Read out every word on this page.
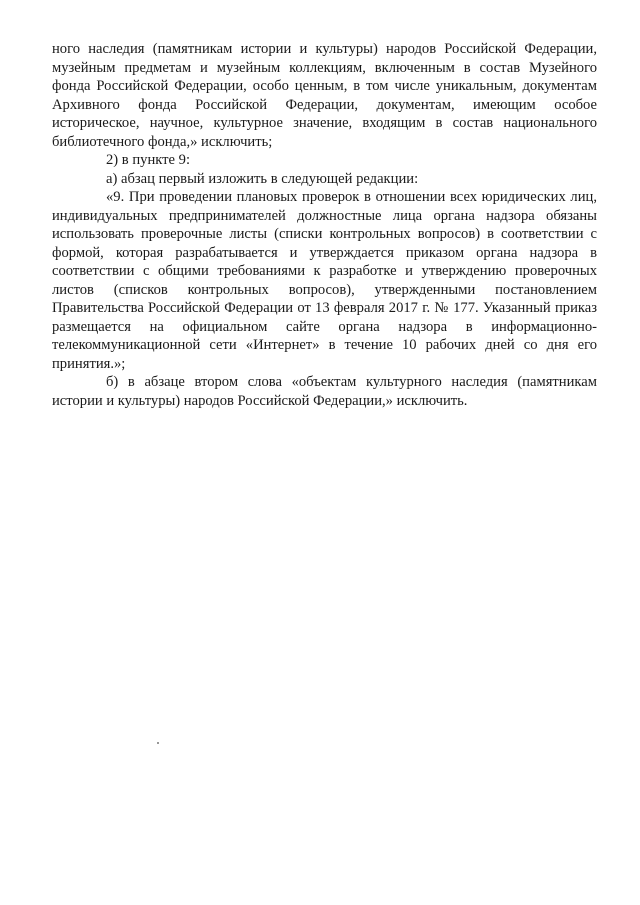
ного наследия (памятникам истории и культуры) народов Российской Федерации, музейным предметам и музейным коллекциям, включенным в состав Музейного фонда Российской Федерации, особо ценным, в том числе уникальным, документам Архивного фонда Российской Федерации, документам, имеющим особое историческое, научное, культурное значение, входящим в состав национального библиотечного фонда,» исключить;

2) в пункте 9:

а) абзац первый изложить в следующей редакции:

«9. При проведении плановых проверок в отношении всех юридических лиц, индивидуальных предпринимателей должностные лица органа надзора обязаны использовать проверочные листы (списки контрольных вопросов) в соответствии с формой, которая разрабатывается и утверждается приказом органа надзора в соответствии с общими требованиями к разработке и утверждению проверочных листов (списков контрольных вопросов), утвержденными постановлением Правительства Российской Федерации от 13 февраля 2017 г. № 177. Указанный приказ размещается на официальном сайте органа надзора в информационно-телекоммуникационной сети «Интернет» в течение 10 рабочих дней со дня его принятия.»;

б) в абзаце втором слова «объектам культурного наследия (памятникам истории и культуры) народов Российской Федерации,» исключить.
